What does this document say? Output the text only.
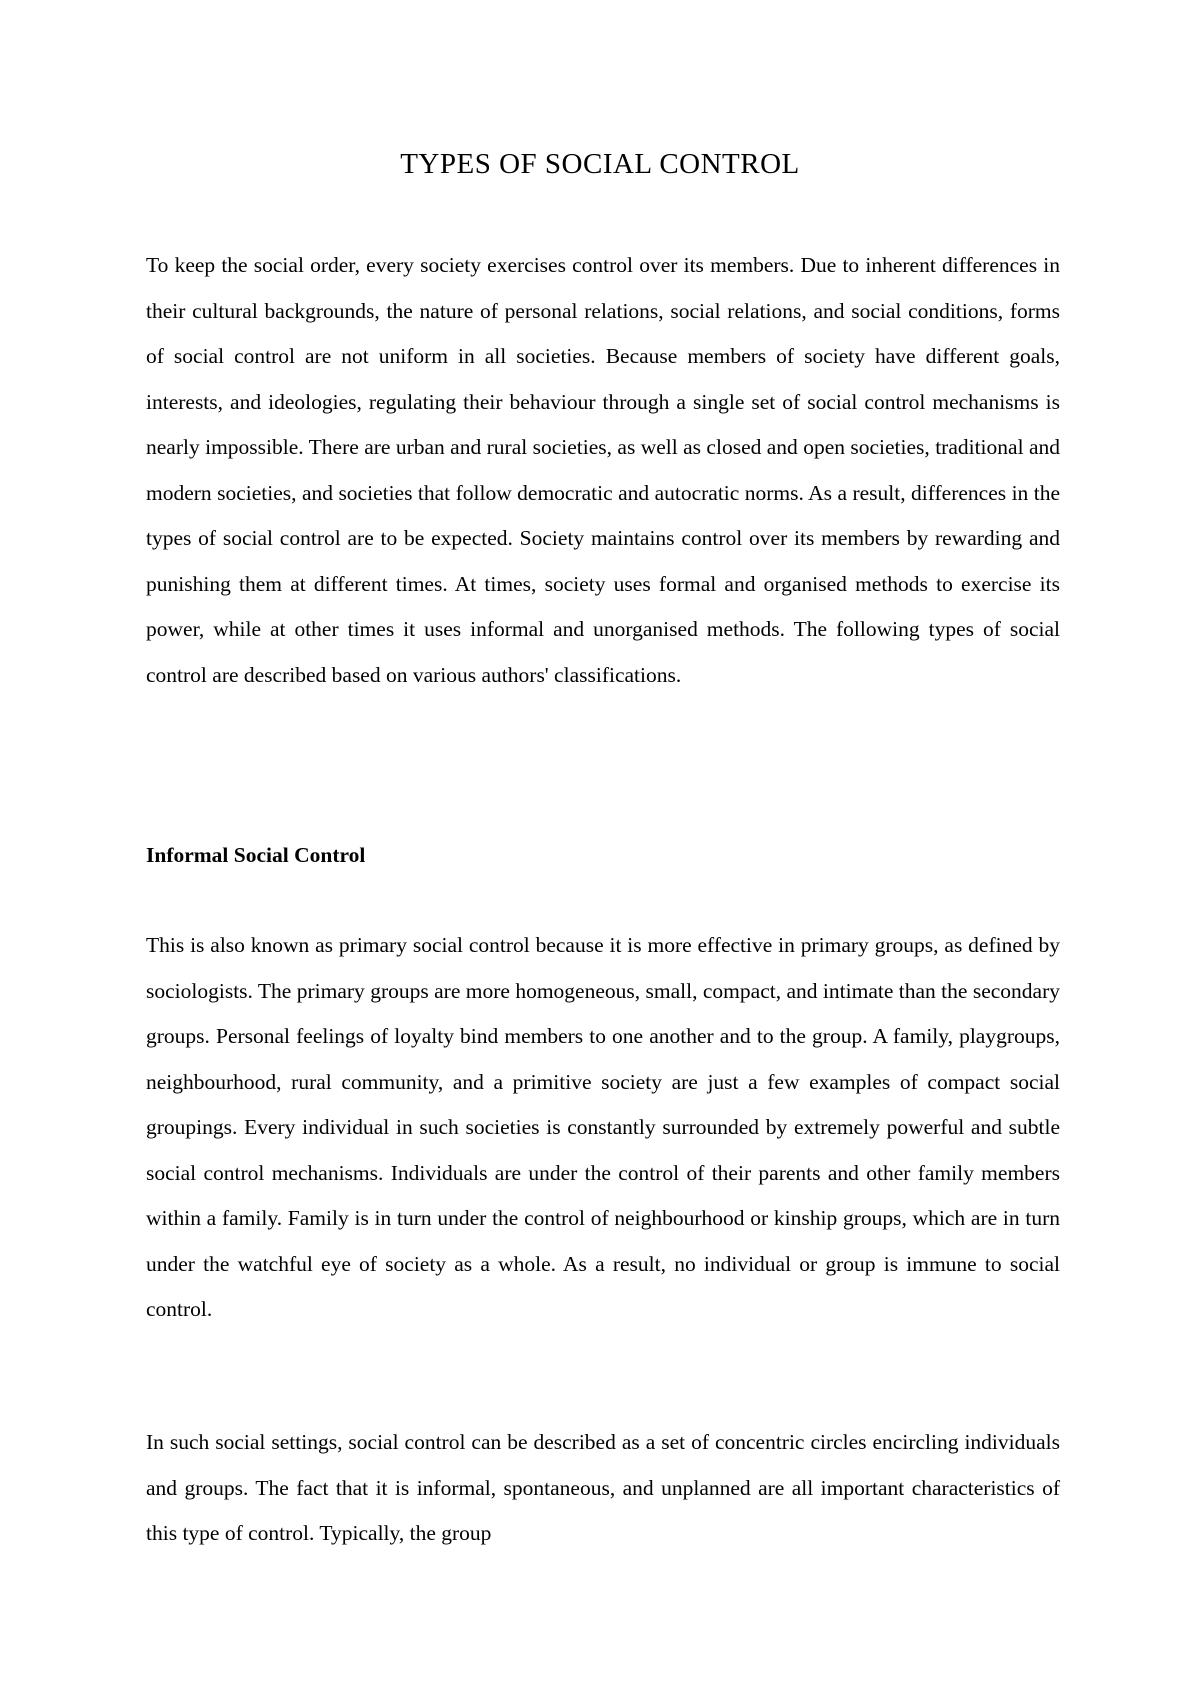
TYPES OF SOCIAL CONTROL

To keep the social order, every society exercises control over its members. Due to inherent differences in their cultural backgrounds, the nature of personal relations, social relations, and social conditions, forms of social control are not uniform in all societies. Because members of society have different goals, interests, and ideologies, regulating their behaviour through a single set of social control mechanisms is nearly impossible. There are urban and rural societies, as well as closed and open societies, traditional and modern societies, and societies that follow democratic and autocratic norms. As a result, differences in the types of social control are to be expected. Society maintains control over its members by rewarding and punishing them at different times. At times, society uses formal and organised methods to exercise its power, while at other times it uses informal and unorganised methods. The following types of social control are described based on various authors' classifications.

Informal Social Control

This is also known as primary social control because it is more effective in primary groups, as defined by sociologists. The primary groups are more homogeneous, small, compact, and intimate than the secondary groups. Personal feelings of loyalty bind members to one another and to the group. A family, playgroups, neighbourhood, rural community, and a primitive society are just a few examples of compact social groupings. Every individual in such societies is constantly surrounded by extremely powerful and subtle social control mechanisms. Individuals are under the control of their parents and other family members within a family. Family is in turn under the control of neighbourhood or kinship groups, which are in turn under the watchful eye of society as a whole. As a result, no individual or group is immune to social control.

In such social settings, social control can be described as a set of concentric circles encircling individuals and groups. The fact that it is informal, spontaneous, and unplanned are all important characteristics of this type of control. Typically, the group
